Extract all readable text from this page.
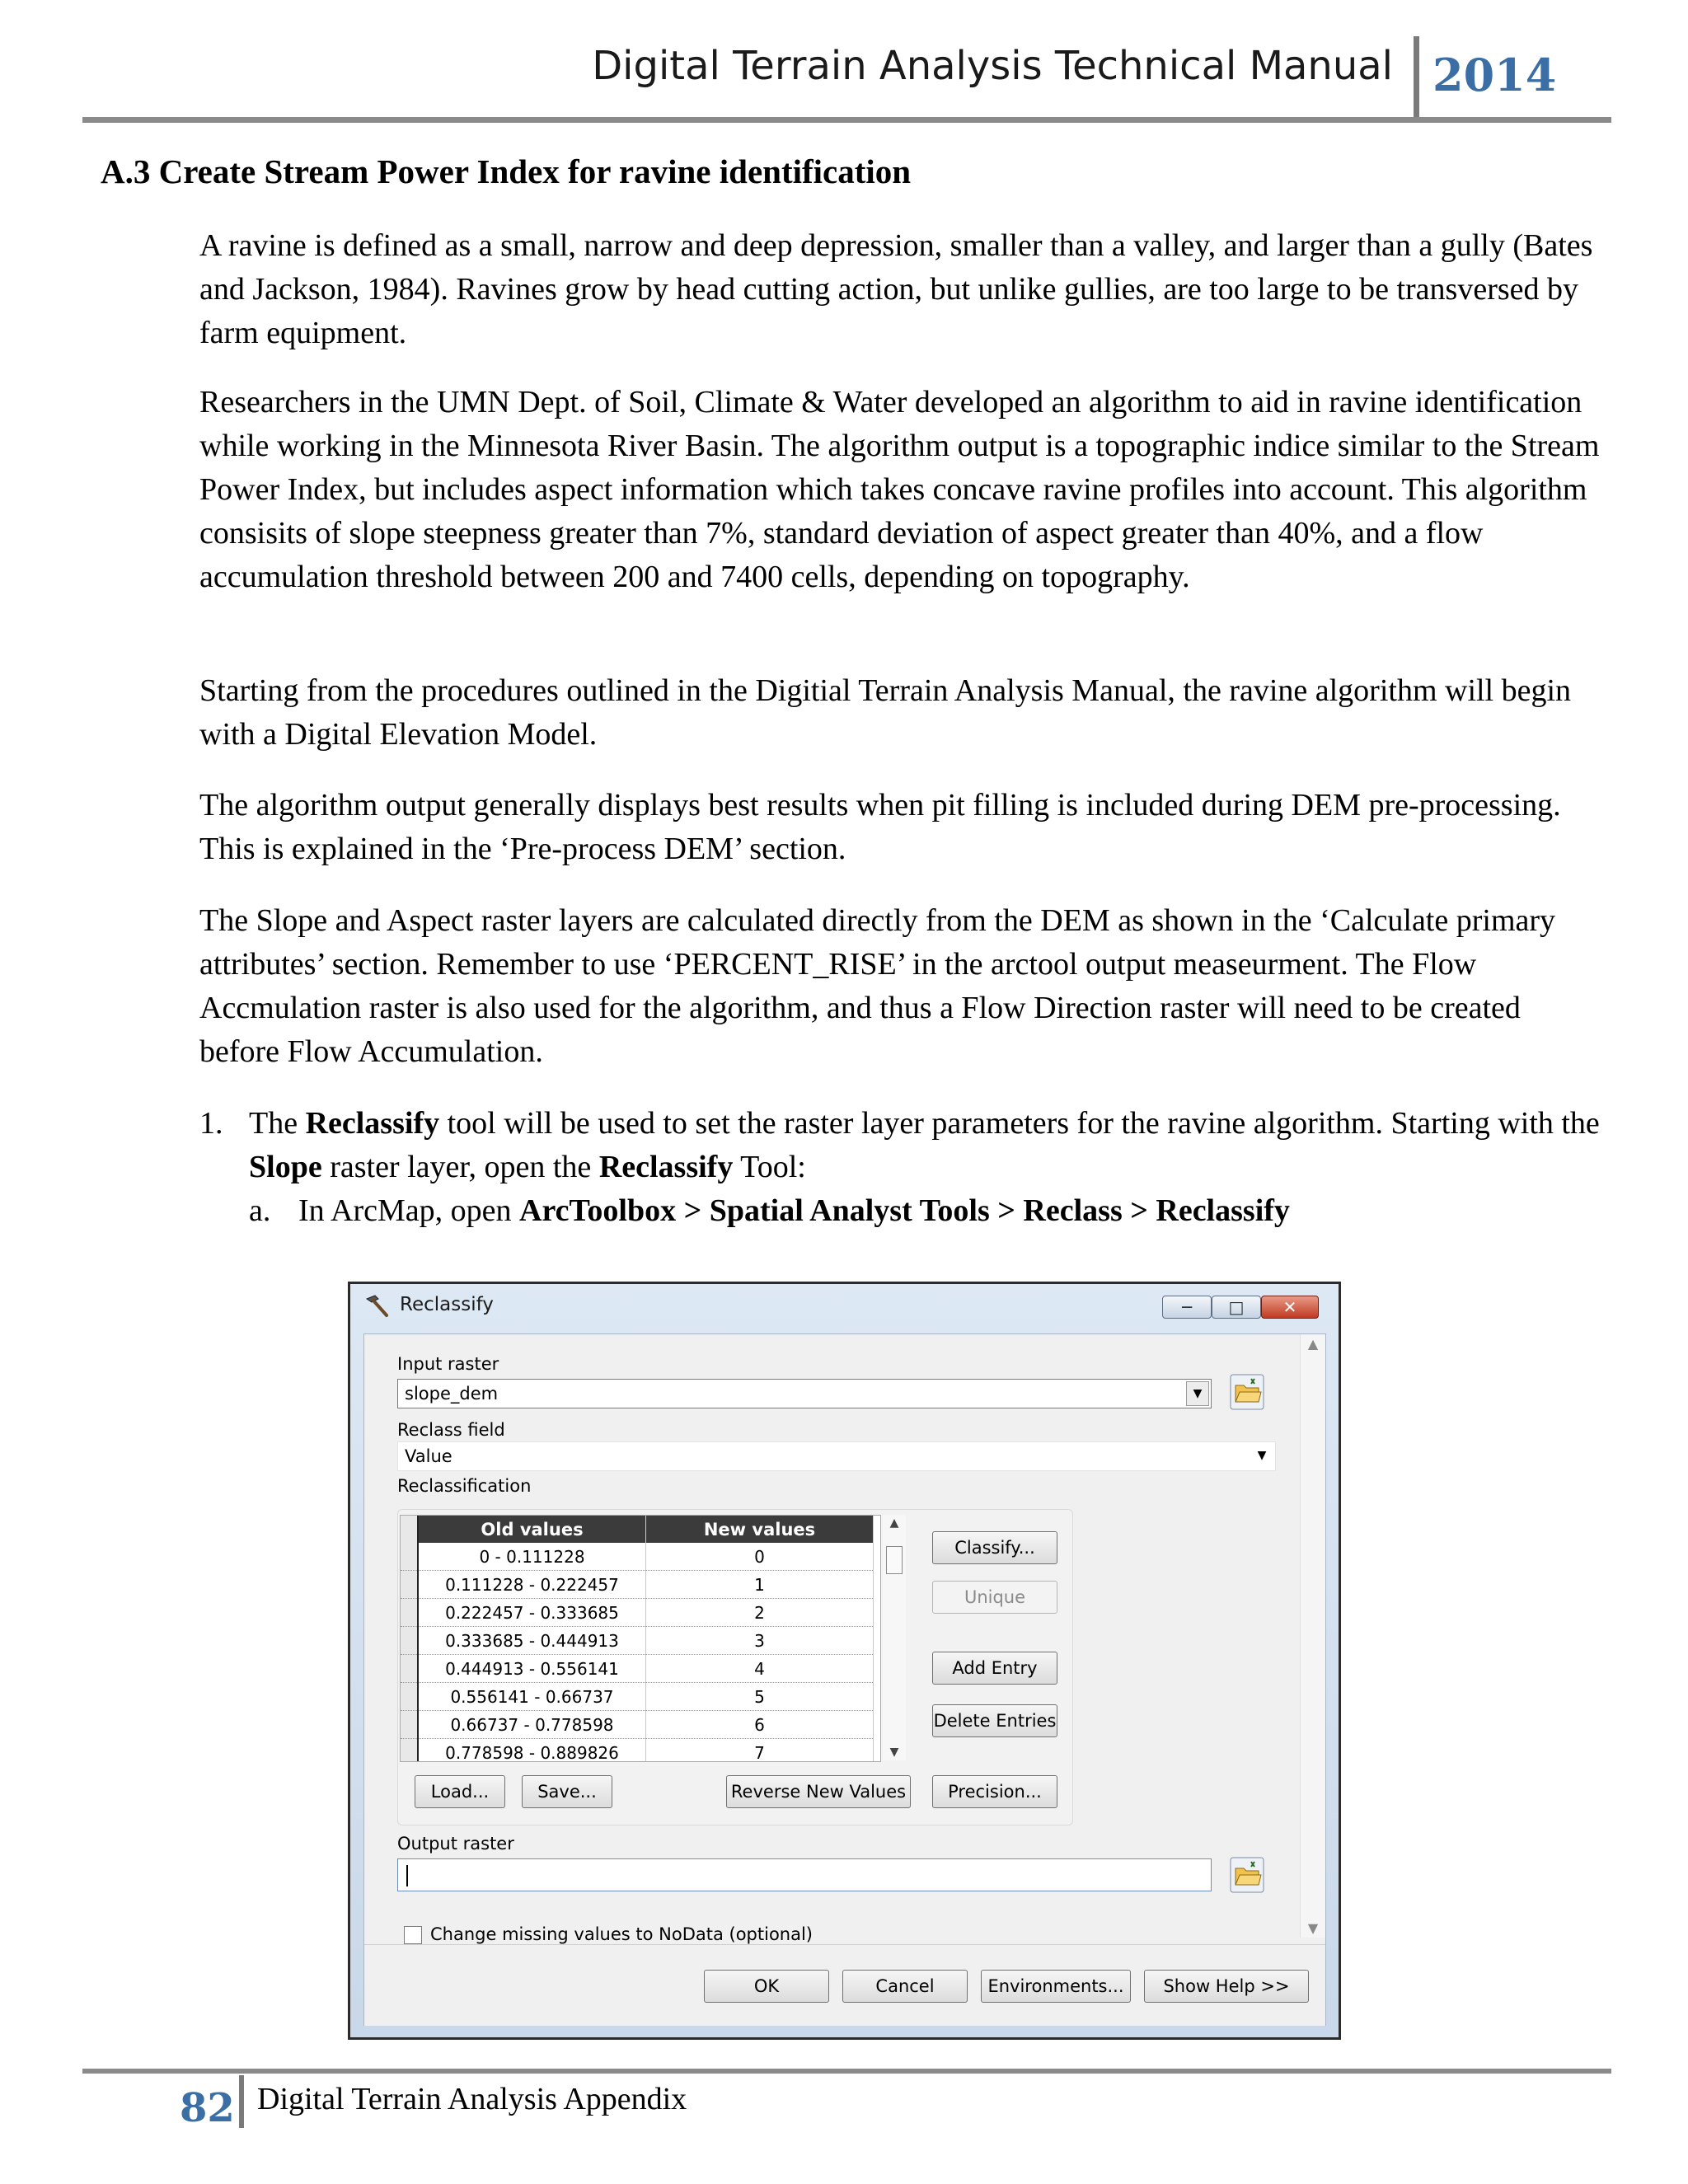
Digital Terrain Analysis Technical Manual 2014
A.3 Create Stream Power Index for ravine identification

A ravine is defined as a small, narrow and deep depression, smaller than a valley, and larger than a gully (Bates and Jackson, 1984). Ravines grow by head cutting action, but unlike gullies, are too large to be transversed by farm equipment.

Researchers in the UMN Dept. of Soil, Climate & Water developed an algorithm to aid in ravine identification while working in the Minnesota River Basin. The algorithm output is a topographic indice similar to the Stream Power Index, but includes aspect information which takes concave ravine profiles into account. This algorithm consisits of slope steepness greater than 7%, standard deviation of aspect greater than 40%, and a flow accumulation threshold between 200 and 7400 cells, depending on topography.

Starting from the procedures outlined in the Digitial Terrain Analysis Manual, the ravine algorithm will begin with a Digital Elevation Model.

The algorithm output generally displays best results when pit filling is included during DEM pre-processing. This is explained in the ‘Pre-process DEM’ section.

The Slope and Aspect raster layers are calculated directly from the DEM as shown in the ‘Calculate primary attributes’ section. Remember to use ‘PERCENT_RISE’ in the arctool output measeurment. The Flow Accmulation raster is also used for the algorithm, and thus a Flow Direction raster will need to be created before Flow Accumulation.

1. The Reclassify tool will be used to set the raster layer parameters for the ravine algorithm. Starting with the Slope raster layer, open the Reclassify Tool:
a. In ArcMap, open ArcToolbox > Spatial Analyst Tools > Reclass > Reclassify
Reclassify	─	□	✕
▲
▼
Input raster
slope_dem	▼
Reclass field
Value	▼
Reclassification
	Old values	New values
	0 - 0.111228	0
	0.111228 - 0.222457	1
	0.222457 - 0.333685	2
	0.333685 - 0.444913	3
	0.444913 - 0.556141	4
	0.556141 - 0.66737	5
	0.66737 - 0.778598	6
	0.778598 - 0.889826	7
▲
▼
Classify...
Unique
Add Entry
Delete Entries
Load...	Save...	Reverse New Values	Precision...
Output raster
Change missing values to NoData (optional)
OK	Cancel	Environments...	Show Help >>
82 Digital Terrain Analysis Appendix
